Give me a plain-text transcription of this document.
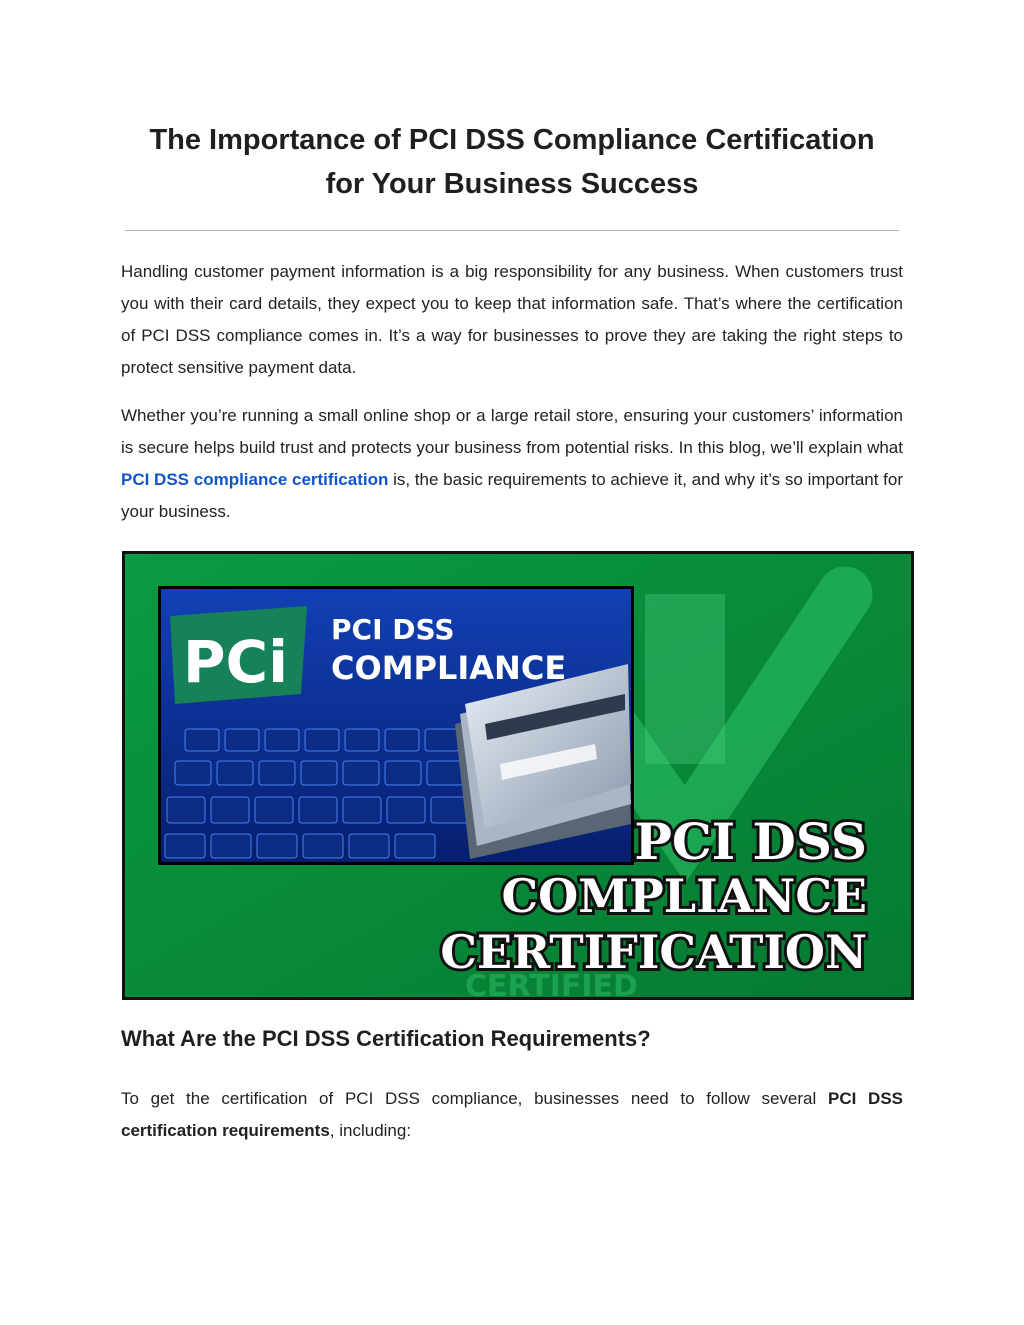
The Importance of PCI DSS Compliance Certification
for Your Business Success

Handling customer payment information is a big responsibility for any business. When customers trust you with their card details, they expect you to keep that information safe. That’s where the certification of PCI DSS compliance comes in. It’s a way for businesses to prove they are taking the right steps to protect sensitive payment data.

Whether you’re running a small online shop or a large retail store, ensuring your customers’ information is secure helps build trust and protects your business from potential risks. In this blog, we’ll explain what PCI DSS compliance certification is, the basic requirements to achieve it, and why it’s so important for your business.

PCi PCI DSS
COMPLIANCE
PCI DSS
COMPLIANCE
CERTIFICATION
CERTIFIED
What Are the PCI DSS Certification Requirements?

To get the certification of PCI DSS compliance, businesses need to follow several PCI DSS certification requirements, including:
